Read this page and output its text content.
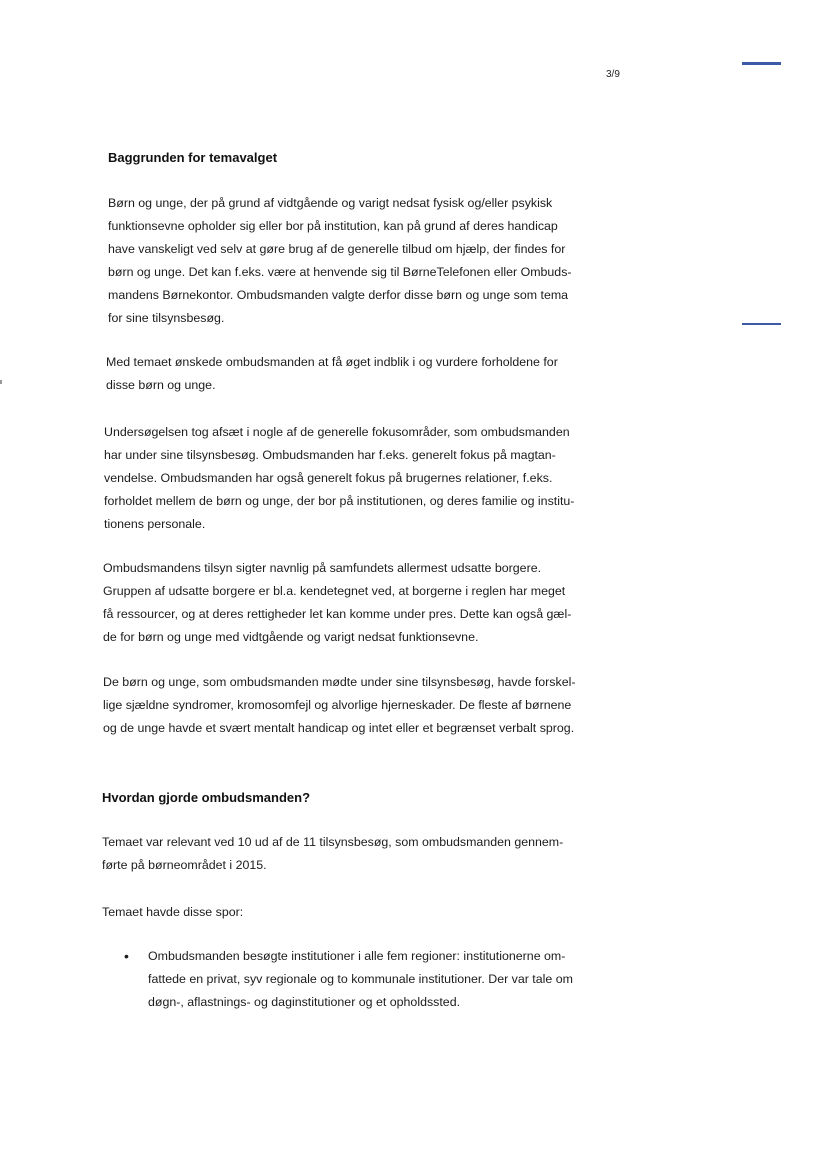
3/9
Baggrunden for temavalget

Børn og unge, der på grund af vidtgående og varigt nedsat fysisk og/eller psykisk
funktionsevne opholder sig eller bor på institution, kan på grund af deres handicap
have vanskeligt ved selv at gøre brug af de generelle tilbud om hjælp, der findes for
børn og unge. Det kan f.eks. være at henvende sig til BørneTelefonen eller Ombuds-
mandens Børnekontor. Ombudsmanden valgte derfor disse børn og unge som tema
for sine tilsynsbesøg.

Med temaet ønskede ombudsmanden at få øget indblik i og vurdere forholdene for
disse børn og unge.

Undersøgelsen tog afsæt i nogle af de generelle fokusområder, som ombudsmanden
har under sine tilsynsbesøg. Ombudsmanden har f.eks. generelt fokus på magtan-
vendelse. Ombudsmanden har også generelt fokus på brugernes relationer, f.eks.
forholdet mellem de børn og unge, der bor på institutionen, og deres familie og institu-
tionens personale.

Ombudsmandens tilsyn sigter navnlig på samfundets allermest udsatte borgere.
Gruppen af udsatte borgere er bl.a. kendetegnet ved, at borgerne i reglen har meget
få ressourcer, og at deres rettigheder let kan komme under pres. Dette kan også gæl-
de for børn og unge med vidtgående og varigt nedsat funktionsevne.

De børn og unge, som ombudsmanden mødte under sine tilsynsbesøg, havde forskel-
lige sjældne syndromer, kromosomfejl og alvorlige hjerneskader. De fleste af børnene
og de unge havde et svært mentalt handicap og intet eller et begrænset verbalt sprog.

Hvordan gjorde ombudsmanden?

Temaet var relevant ved 10 ud af de 11 tilsynsbesøg, som ombudsmanden gennem-
førte på børneområdet i 2015.

Temaet havde disse spor:

• Ombudsmanden besøgte institutioner i alle fem regioner: institutionerne om-
fattede en privat, syv regionale og to kommunale institutioner. Der var tale om
døgn-, aflastnings- og daginstitutioner og et opholdssted.
